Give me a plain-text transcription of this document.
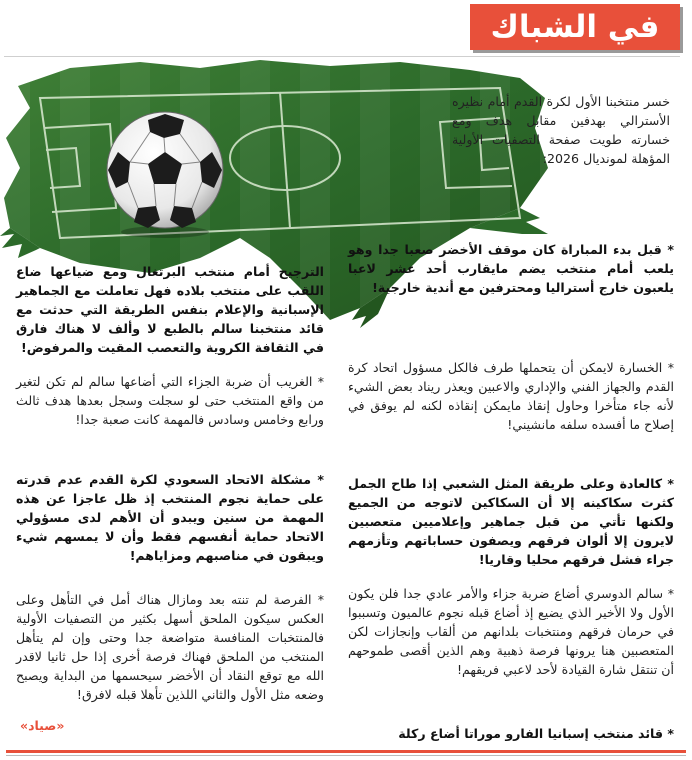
في الشباك

خسر منتخبنا الأول لكرة القدم أمام نظيره الأسترالي بهدفين مقابل هدف ومع خسارته طويت صفحة التصفيات الأولية المؤهلة لمونديال 2026:

* قبل بدء المباراة كان موقف الأخضر صعبا جدا وهو يلعب أمام منتخب يضم مايقارب أحد عشر لاعبا يلعبون خارج أستراليا ومحترفين مع أندية خارجية!

* الخسارة لايمكن أن يتحملها طرف فالكل مسؤول اتحاد كرة القدم والجهاز الفني والإداري والاعبين ويعذر ريناد بعض الشيء لأنه جاء متأخرا وحاول إنقاذ مايمكن إنقاذه لكنه لم يوفق في إصلاح ما أفسده سلفه مانشيني!

* كالعادة وعلى طريقة المثل الشعبي إذا طاح الجمل كثرت سكاكينه إلا أن السكاكين لاتوجه من الجميع ولكنها تأتي من قبل جماهير وإعلاميين متعصبين لايرون إلا ألوان فرقهم ويصفون حساباتهم وتأزمهم جراء فشل فرقهم محليا وقاريا!

* سالم الدوسري أضاع ضربة جزاء والأمر عادي جدا فلن يكون الأول ولا الأخير الذي يضيع إذ أضاع قبله نجوم عالميون وتسببوا في حرمان فرقهم ومنتخبات بلدانهم من ألقاب وإنجازات لكن المتعصبين هنا يرونها فرصة ذهبية وهم الذين أقصى طموحهم أن تنتقل شارة القيادة لأحد لاعبي فريقهم!

* قائد منتخب إسبانيا الفارو موراتا أضاع ركلة

الترجيح أمام منتخب البرتغال ومع ضياعها ضاع اللقب على منتخب بلاده فهل تعاملت مع الجماهير الإسبانية والإعلام بنفس الطريقة التي حدثت مع قائد منتخبنا سالم بالطبع لا وألف لا هناك فارق في الثقافة الكروية والتعصب المقيت والمرفوض!

* الغريب أن ضربة الجزاء التي أضاعها سالم لم تكن لتغير من واقع المنتخب حتى لو سجلت وسجل بعدها هدف ثالث ورابع وخامس وسادس فالمهمة كانت صعبة جدا!

* مشكلة الاتحاد السعودي لكرة القدم عدم قدرته على حماية نجوم المنتخب إذ ظل عاجزا عن هذه المهمة من سنين ويبدو أن الأهم لدى مسؤولي الاتحاد حماية أنفسهم فقط وأن لا يمسهم شيء ويبقون في مناصبهم ومزاياهم!

* الفرصة لم تنته بعد ومازال هناك أمل في التأهل وعلى العكس سيكون الملحق أسهل بكثير من التصفيات الأولية فالمنتخبات المنافسة متواضعة جدا وحتى وإن لم يتأهل المنتخب من الملحق فهناك فرصة أخرى إذا حل ثانيا لاقدر الله مع توقع النقاد أن الأخضر سيحسمها من البداية ويصبح وضعه مثل الأول والثاني اللذين تأهلا قبله لافرق!

«صياد»
